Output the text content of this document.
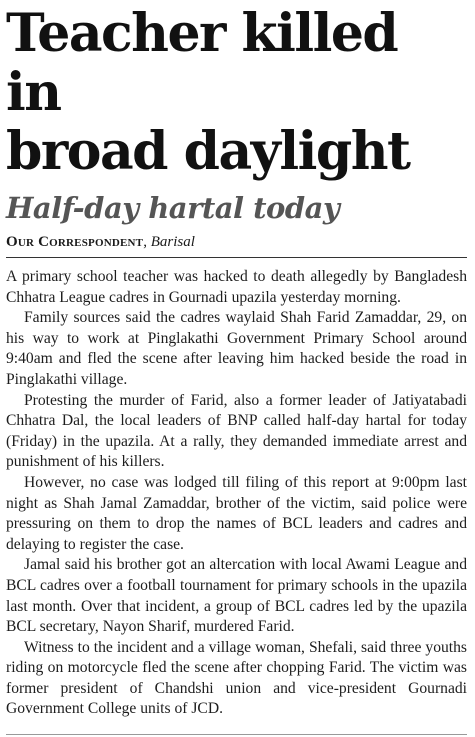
Teacher killed in
broad daylight
Half-day hartal today
Our Correspondent, Barisal

A primary school teacher was hacked to death allegedly by Bangladesh Chhatra League cadres in Gournadi upazila yesterday morning.

Family sources said the cadres waylaid Shah Farid Zamaddar, 29, on his way to work at Pinglakathi Government Primary School around 9:40am and fled the scene after leaving him hacked beside the road in Pinglakathi village.

Protesting the murder of Farid, also a former leader of Jatiyatabadi Chhatra Dal, the local leaders of BNP called half-day hartal for today (Friday) in the upazila. At a rally, they demanded immediate arrest and punishment of his killers.

However, no case was lodged till filing of this report at 9:00pm last night as Shah Jamal Zamaddar, brother of the victim, said police were pressuring on them to drop the names of BCL leaders and cadres and delaying to register the case.

Jamal said his brother got an altercation with local Awami League and BCL cadres over a football tournament for primary schools in the upazila last month. Over that incident, a group of BCL cadres led by the upazila BCL secretary, Nayon Sharif, murdered Farid.

Witness to the incident and a village woman, Shefali, said three youths riding on motorcycle fled the scene after chopping Farid. The victim was former president of Chandshi union and vice-president Gournadi Government College units of JCD.
